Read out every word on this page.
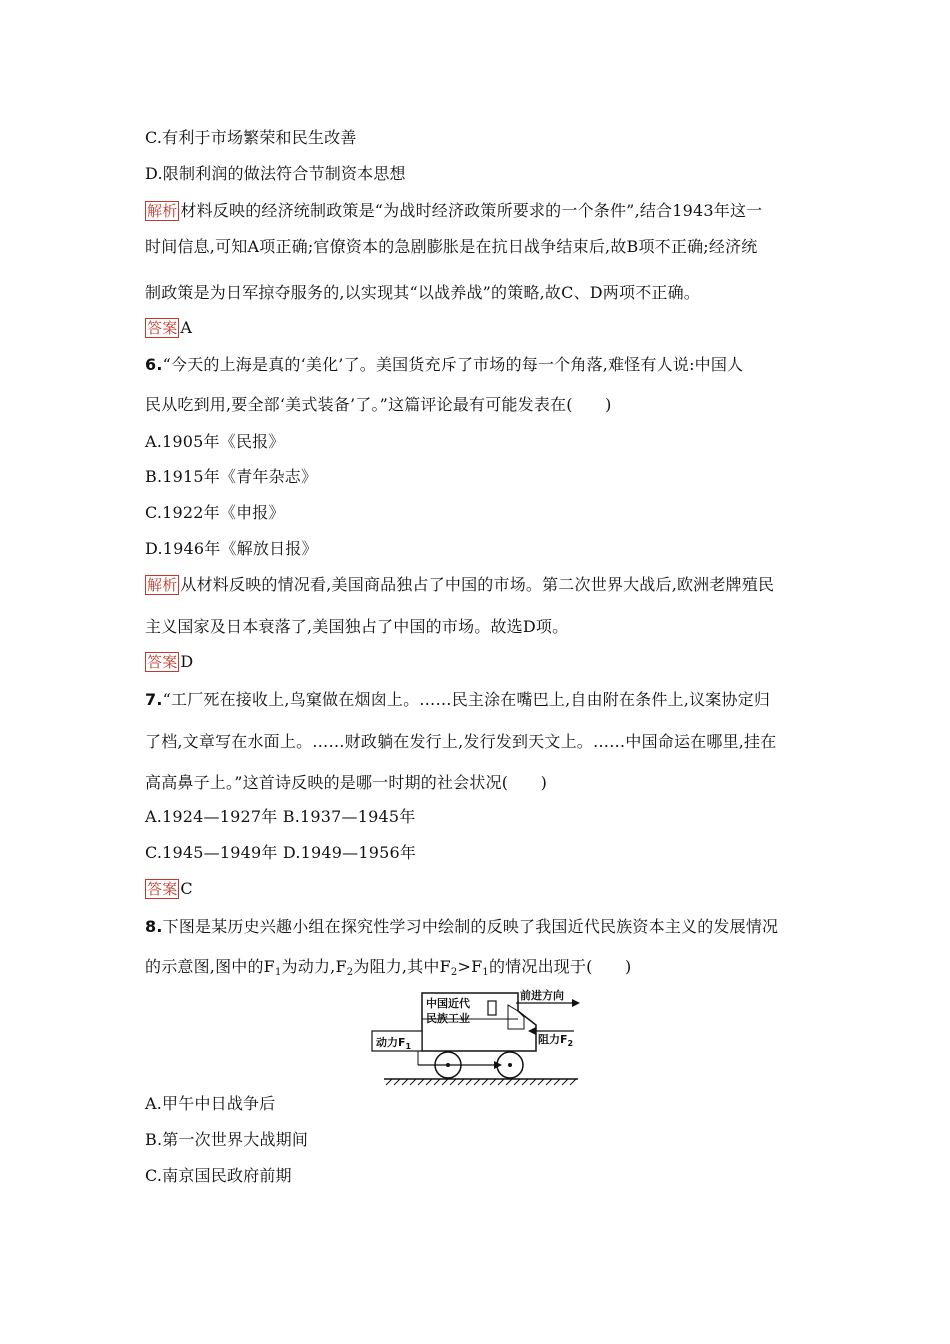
C.有利于市场繁荣和民生改善
D.限制利润的做法符合节制资本思想
解析 材料反映的经济统制政策是“为战时经济政策所要求的一个条件”,结合1943年这一
时间信息,可知A项正确;官僚资本的急剧膨胀是在抗日战争结束后,故B项不正确;经济统
制政策是为日军掠夺服务的,以实现其“以战养战”的策略,故C、D两项不正确。
答案 A
6.“今天的上海是真的‘美化’了。美国货充斥了市场的每一个角落,难怪有人说:中国人
民从吃到用,要全部‘美式装备’了。”这篇评论最有可能发表在(　　)
A.1905年《民报》
B.1915年《青年杂志》
C.1922年《申报》
D.1946年《解放日报》
解析 从材料反映的情况看,美国商品独占了中国的市场。第二次世界大战后,欧洲老牌殖民
主义国家及日本衰落了,美国独占了中国的市场。故选D项。
答案 D
7.“工厂死在接收上,鸟窠做在烟囱上。……民主涂在嘴巴上,自由附在条件上,议案协定归
了档,文章写在水面上。……财政躺在发行上,发行发到天文上。……中国命运在哪里,挂在
高高鼻子上。”这首诗反映的是哪一时期的社会状况(　　)
A.1924—1927年 B.1937—1945年
C.1945—1949年 D.1949—1956年
答案 C
8.下图是某历史兴趣小组在探究性学习中绘制的反映了我国近代民族资本主义的发展情况
的示意图,图中的$F_1$为动力$,F_2$为阻力,其中$F_2>F_1$的情况出现于(　　)
中国近代
民族工业
前进方向
阻力$F_2$
动力$F_1$
A.甲午中日战争后
B.第一次世界大战期间
C.南京国民政府前期
